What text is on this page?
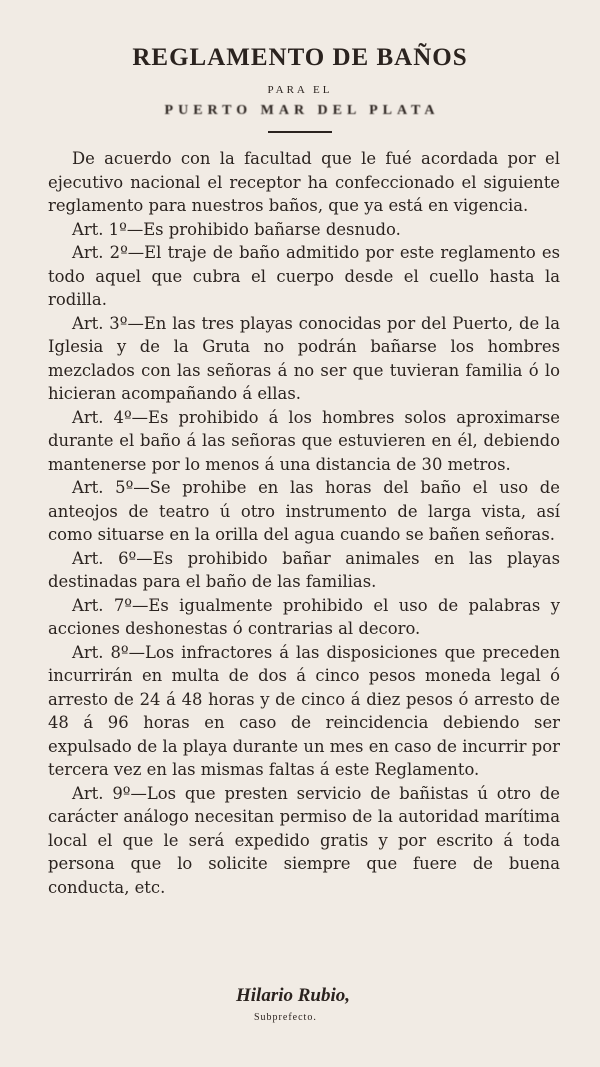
REGLAMENTO DE BAÑOS
PARA EL
PUERTO MAR DEL PLATA

De acuerdo con la facultad que le fué acordada por el ejecutivo nacional el receptor ha confeccionado el siguiente reglamento para nuestros baños, que ya está en vigencia.

Art. 1º—Es prohibido bañarse desnudo.

Art. 2º—El traje de baño admitido por este reglamento es todo aquel que cubra el cuerpo desde el cuello hasta la rodilla.

Art. 3º—En las tres playas conocidas por del Puerto, de la Iglesia y de la Gruta no podrán bañarse los hombres mezclados con las señoras á no ser que tuvieran familia ó lo hicieran acompañando á ellas.

Art. 4º—Es prohibido á los hombres solos aproximarse durante el baño á las señoras que estuvieren en él, debiendo mantenerse por lo menos á una distancia de 30 metros.

Art. 5º—Se prohibe en las horas del baño el uso de anteojos de teatro ú otro instrumento de larga vista, así como situarse en la orilla del agua cuando se bañen señoras.

Art. 6º—Es prohibido bañar animales en las playas destinadas para el baño de las familias.

Art. 7º—Es igualmente prohibido el uso de palabras y acciones deshonestas ó contrarias al decoro.

Art. 8º—Los infractores á las disposiciones que preceden incurrirán en multa de dos á cinco pesos moneda legal ó arresto de 24 á 48 horas y de cinco á diez pesos ó arresto de 48 á 96 horas en caso de reincidencia debiendo ser expulsado de la playa durante un mes en caso de incurrir por tercera vez en las mismas faltas á este Reglamento.

Art. 9º—Los que presten servicio de bañistas ú otro de carácter análogo necesitan permiso de la autoridad marítima local el que le será expedido gratis y por escrito á toda persona que lo solicite siempre que fuere de buena conducta, etc.

Hilario Rubio,
Subprefecto.
